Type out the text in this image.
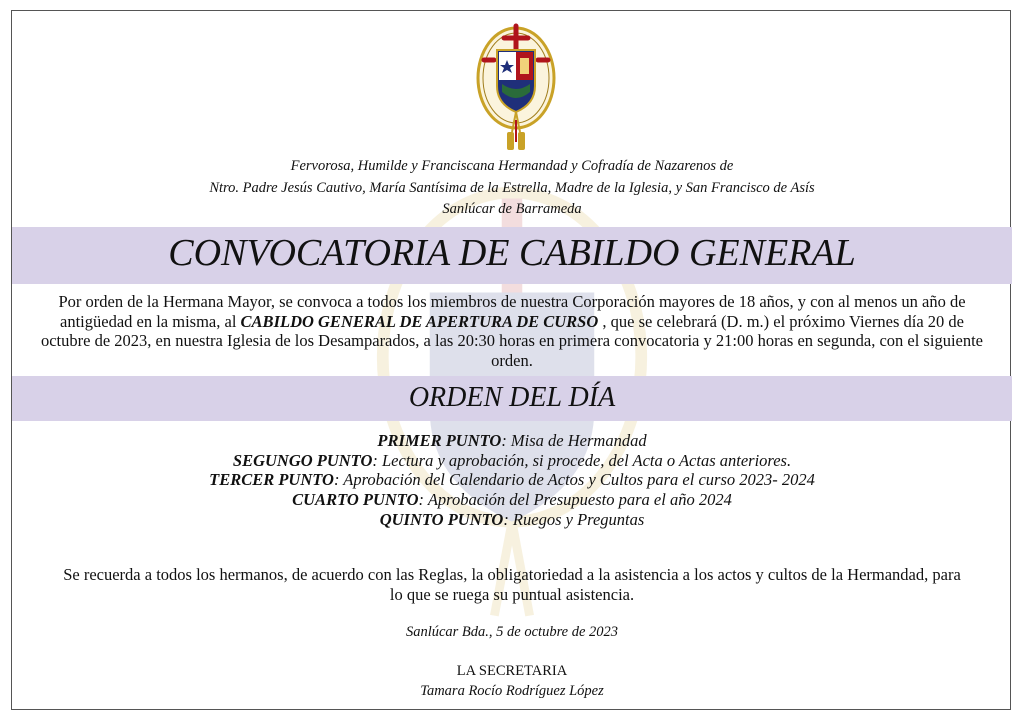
Fervorosa, Humilde y Franciscana Hermandad y Cofradía de Nazarenos de
Ntro. Padre Jesús Cautivo, María Santísima de la Estrella, Madre de la Iglesia, y San Francisco de Asís
Sanlúcar de Barrameda
CONVOCATORIA DE CABILDO GENERAL
Por orden de la Hermana Mayor, se convoca a todos los miembros de nuestra Corporación mayores de 18 años, y con al menos un año de antigüedad en la misma, al CABILDO GENERAL DE APERTURA DE CURSO , que se celebrará (D. m.) el próximo Viernes día 20 de octubre de 2023, en nuestra Iglesia de los Desamparados, a las 20:30 horas en primera convocatoria y 21:00 horas en segunda, con el siguiente orden.
ORDEN DEL DÍA
PRIMER PUNTO: Misa de Hermandad
SEGUNGO PUNTO: Lectura y aprobación, si procede, del Acta o Actas anteriores.
TERCER PUNTO: Aprobación del Calendario de Actos y Cultos para el curso 2023- 2024
CUARTO PUNTO: Aprobación del Presupuesto para el año 2024
QUINTO PUNTO: Ruegos y Preguntas
Se recuerda a todos los hermanos, de acuerdo con las Reglas, la obligatoriedad a la asistencia a los actos y cultos de la Hermandad, para lo que se ruega su puntual asistencia.
Sanlúcar Bda., 5 de octubre de 2023
LA SECRETARIA
Tamara Rocío Rodríguez López
